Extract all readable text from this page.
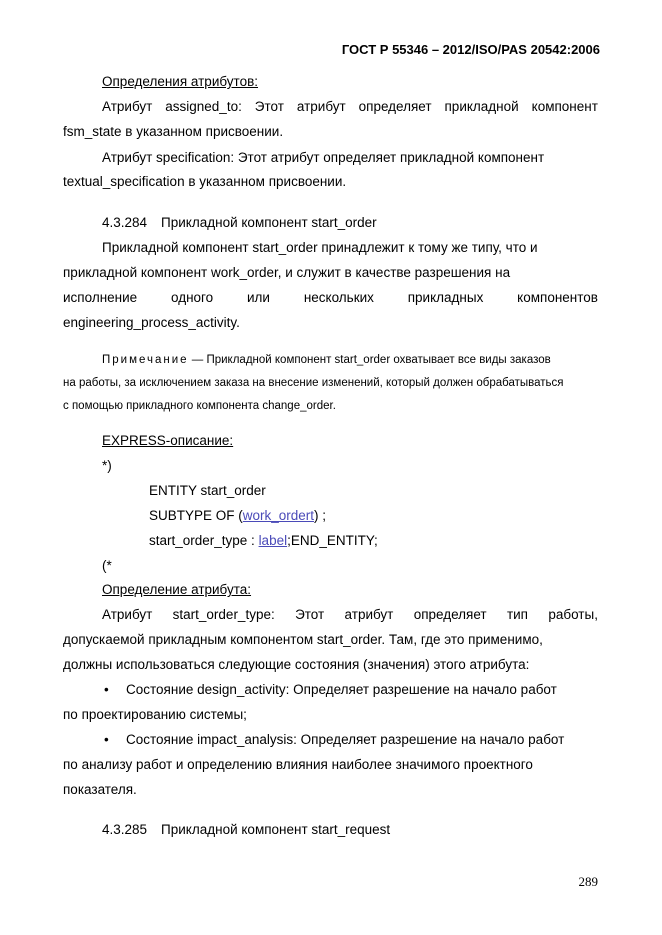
ГОСТ Р 55346 – 2012/ISO/PAS 20542:2006
Определения атрибутов:
Атрибут assigned_to: Этот атрибут определяет прикладной компонент
fsm_state в указанном присвоении.
Атрибут specification: Этот атрибут определяет прикладной компонент
textual_specification в указанном присвоении.
4.3.284 Прикладной компонент start_order
Прикладной компонент start_order принадлежит к тому же типу, что и
прикладной компонент work_order, и служит в качестве разрешения на
исполнение	одного	или	нескольких	прикладных	компонентов
engineering_process_activity.
Примечание — Прикладной компонент start_order охватывает все виды заказов
на работы, за исключением заказа на внесение изменений, который должен обрабатываться
с помощью прикладного компонента change_order.
EXPRESS-описание:
*)
ENTITY start_order
SUBTYPE OF (work_ordert) ;
start_order_type : label;END_ENTITY;
(*
Определение атрибута:
Атрибут start_order_type: Этот атрибут определяет тип работы,
допускаемой прикладным компонентом start_order. Там, где это применимо,
должны использоваться следующие состояния (значения) этого атрибута:
• Состояние design_activity: Определяет разрешение на начало работ
по проектированию системы;
• Состояние impact_analysis: Определяет разрешение на начало работ
по анализу работ и определению влияния наиболее значимого проектного
показателя.
4.3.285 Прикладной компонент start_request
289
